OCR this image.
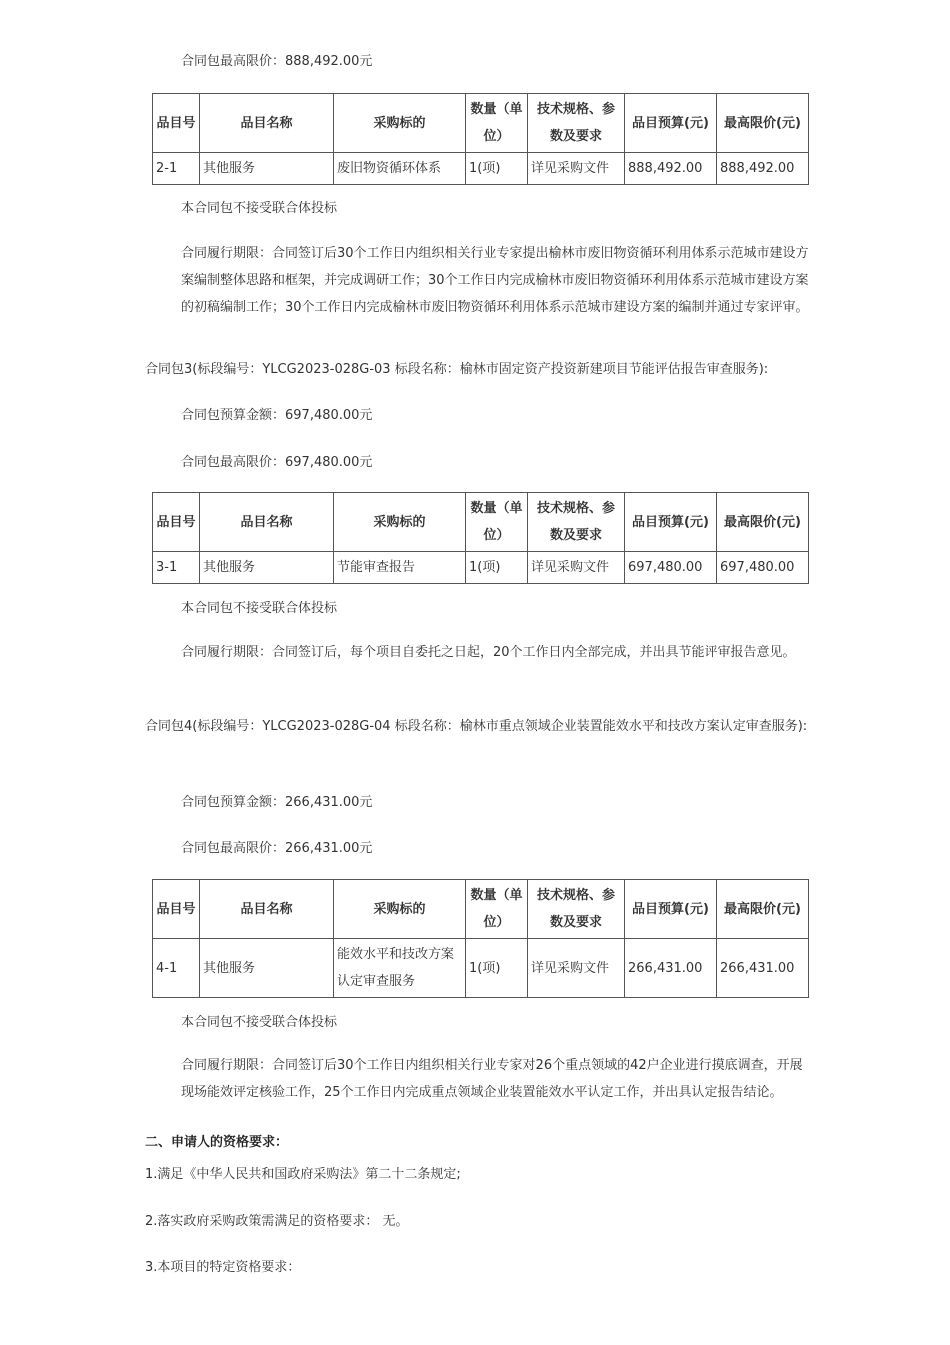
合同包最高限价：888,492.00元
品目号	品目名称	采购标的	数量（单位）	技术规格、参数及要求	品目预算(元)	最高限价(元)
2-1	其他服务	废旧物资循环体系	1(项)	详见采购文件	888,492.00	888,492.00
本合同包不接受联合体投标
合同履行期限：合同签订后30个工作日内组织相关行业专家提出榆林市废旧物资循环利用体系示范城市建设方案编制整体思路和框架，并完成调研工作；30个工作日内完成榆林市废旧物资循环利用体系示范城市建设方案的初稿编制工作；30个工作日内完成榆林市废旧物资循环利用体系示范城市建设方案的编制并通过专家评审。
合同包3(标段编号：YLCG2023-028G-03 标段名称：榆林市固定资产投资新建项目节能评估报告审查服务):
合同包预算金额：697,480.00元
合同包最高限价：697,480.00元
品目号	品目名称	采购标的	数量（单位）	技术规格、参数及要求	品目预算(元)	最高限价(元)
3-1	其他服务	节能审查报告	1(项)	详见采购文件	697,480.00	697,480.00
本合同包不接受联合体投标
合同履行期限：合同签订后，每个项目自委托之日起，20个工作日内全部完成，并出具节能评审报告意见。
合同包4(标段编号：YLCG2023-028G-04 标段名称：榆林市重点领域企业装置能效水平和技改方案认定审查服务):
合同包预算金额：266,431.00元
合同包最高限价：266,431.00元
品目号	品目名称	采购标的	数量（单位）	技术规格、参数及要求	品目预算(元)	最高限价(元)
4-1	其他服务	能效水平和技改方案认定审查服务	1(项)	详见采购文件	266,431.00	266,431.00
本合同包不接受联合体投标
合同履行期限：合同签订后30个工作日内组织相关行业专家对26个重点领域的42户企业进行摸底调查，开展现场能效评定核验工作，25个工作日内完成重点领域企业装置能效水平认定工作，并出具认定报告结论。
二、申请人的资格要求：
1.满足《中华人民共和国政府采购法》第二十二条规定;
2.落实政府采购政策需满足的资格要求： 无。
3.本项目的特定资格要求：
